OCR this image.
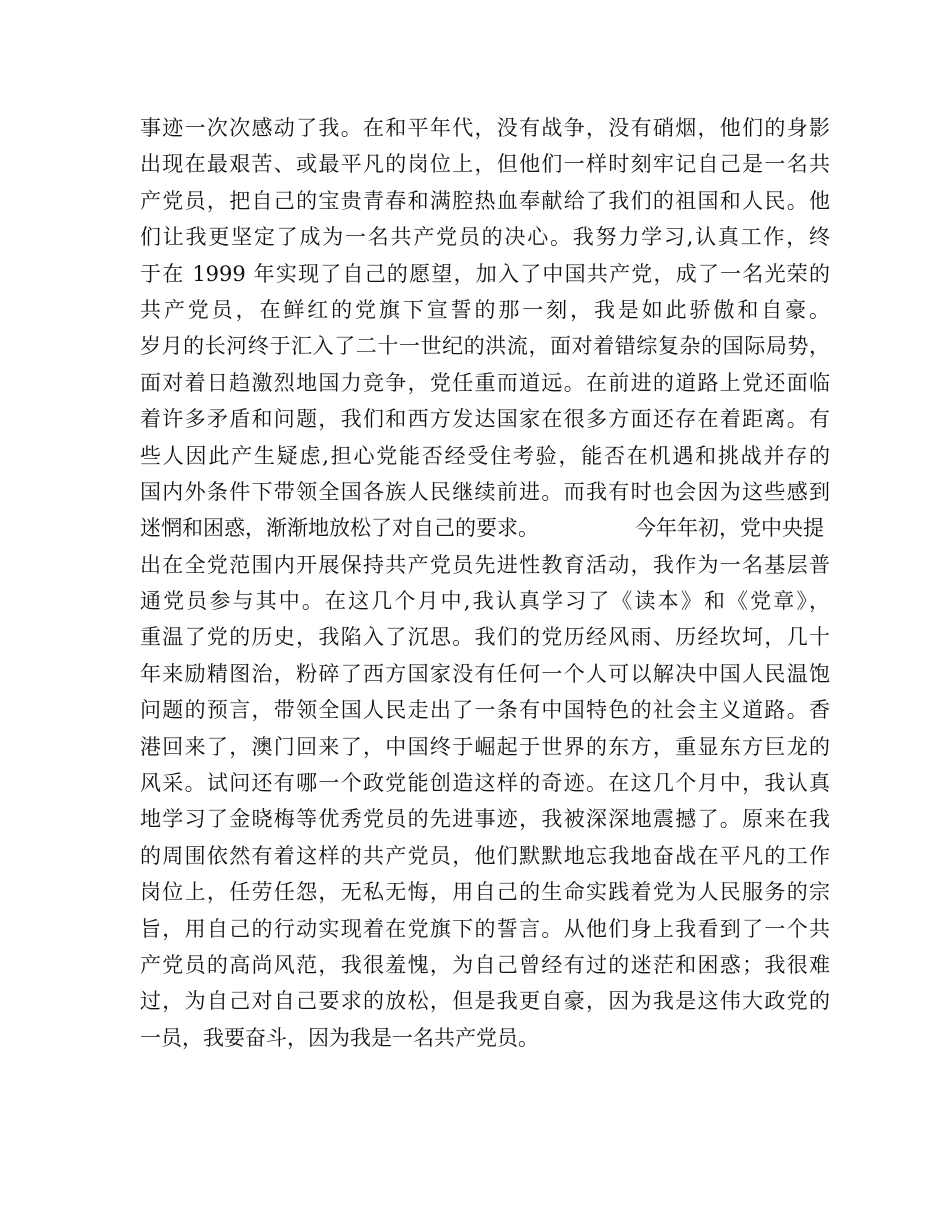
事迹一次次感动了我。在和平年代，没有战争，没有硝烟，他们的身影
出现在最艰苦、或最平凡的岗位上，但他们一样时刻牢记自己是一名共
产党员，把自己的宝贵青春和满腔热血奉献给了我们的祖国和人民。他
们让我更坚定了成为一名共产党员的决心。我努力学习,认真工作，终
于在 1999 年实现了自己的愿望，加入了中国共产党，成了一名光荣的
共产党员，在鲜红的党旗下宣誓的那一刻，我是如此骄傲和自豪。
岁月的长河终于汇入了二十一世纪的洪流，面对着错综复杂的国际局势，
面对着日趋激烈地国力竞争，党任重而道远。在前进的道路上党还面临
着许多矛盾和问题，我们和西方发达国家在很多方面还存在着距离。有
些人因此产生疑虑,担心党能否经受住考验，能否在机遇和挑战并存的
国内外条件下带领全国各族人民继续前进。而我有时也会因为这些感到
迷惘和困惑，渐渐地放松了对自己的要求。	今年年初，党中央提
出在全党范围内开展保持共产党员先进性教育活动，我作为一名基层普
通党员参与其中。在这几个月中,我认真学习了《读本》和《党章》，
重温了党的历史，我陷入了沉思。我们的党历经风雨、历经坎坷，几十
年来励精图治，粉碎了西方国家没有任何一个人可以解决中国人民温饱
问题的预言，带领全国人民走出了一条有中国特色的社会主义道路。香
港回来了，澳门回来了，中国终于崛起于世界的东方，重显东方巨龙的
风采。试问还有哪一个政党能创造这样的奇迹。在这几个月中，我认真
地学习了金晓梅等优秀党员的先进事迹，我被深深地震撼了。原来在我
的周围依然有着这样的共产党员，他们默默地忘我地奋战在平凡的工作
岗位上，任劳任怨，无私无悔，用自己的生命实践着党为人民服务的宗
旨，用自己的行动实现着在党旗下的誓言。从他们身上我看到了一个共
产党员的高尚风范，我很羞愧，为自己曾经有过的迷茫和困惑；我很难
过，为自己对自己要求的放松，但是我更自豪，因为我是这伟大政党的
一员，我要奋斗，因为我是一名共产党员。
